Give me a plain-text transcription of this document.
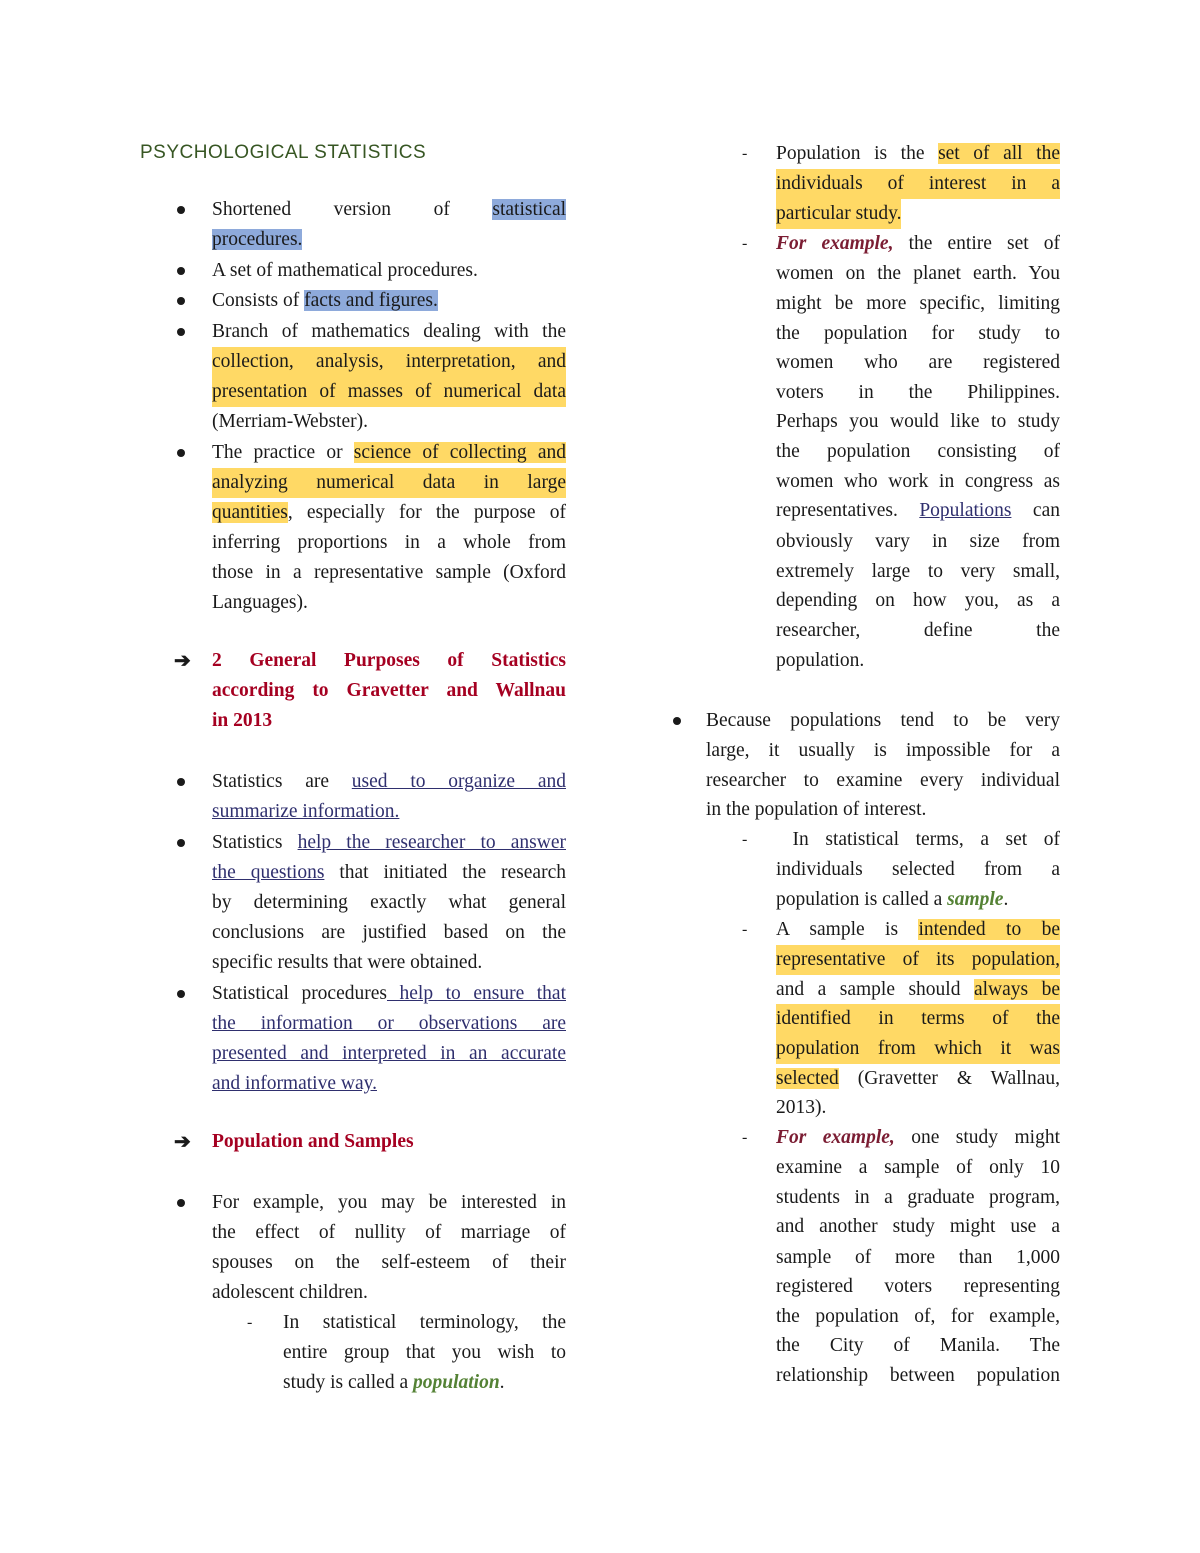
PSYCHOLOGICAL STATISTICS
Shortened version of statistical
procedures.
A set of mathematical procedures.
Consists of facts and figures.
Branch of mathematics dealing with the
collection, analysis, interpretation, and
presentation of masses of numerical data
(Merriam-Webster).
The practice or science of collecting and
analyzing numerical data in large
quantities, especially for the purpose of
inferring proportions in a whole from
those in a representative sample (Oxford
Languages).
➔ 2 General Purposes of Statistics
according to Gravetter and Wallnau
in 2013
Statistics are used to organize and
summarize information.
Statistics help the researcher to answer
the questions that initiated the research
by determining exactly what general
conclusions are justified based on the
specific results that were obtained.
Statistical procedures help to ensure that
the information or observations are
presented and interpreted in an accurate
and informative way.
➔ Population and Samples
For example, you may be interested in
the effect of nullity of marriage of
spouses on the self-esteem of their
adolescent children.
- In statistical terminology, the
entire group that you wish to
study is called a population.
- Population is the set of all the
individuals of interest in a
particular study.
- For example, the entire set of
women on the planet earth. You
might be more specific, limiting
the population for study to
women who are registered
voters in the Philippines.
Perhaps you would like to study
the population consisting of
women who work in congress as
representatives. Populations can
obviously vary in size from
extremely large to very small,
depending on how you, as a
researcher, define the
population.
Because populations tend to be very
large, it usually is impossible for a
researcher to examine every individual
in the population of interest.
- In statistical terms, a set of
individuals selected from a
population is called a sample.
- A sample is intended to be
representative of its population,
and a sample should always be
identified in terms of the
population from which it was
selected (Gravetter & Wallnau,
2013).
- For example, one study might
examine a sample of only 10
students in a graduate program,
and another study might use a
sample of more than 1,000
registered voters representing
the population of, for example,
the City of Manila. The
relationship between population
